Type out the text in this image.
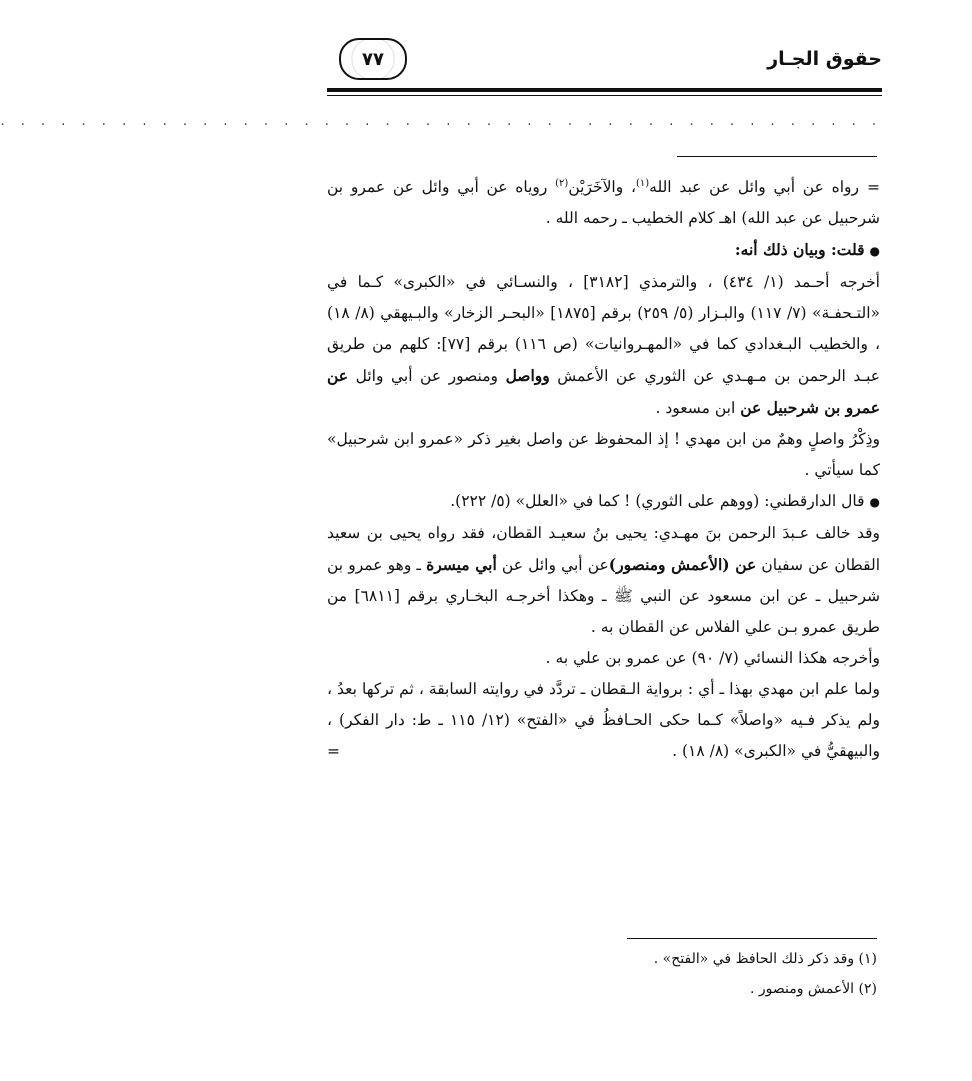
حقوق الجـار
٧٧
. . . . . . . . . . . . . . . . . . . . . . . . . . . . . . . . . . . . . . . . . . . .

=رواه عن أبي وائل عن عبد الله$^{(١)}$، والآخَرَيْن$^{(٢)}$ روياه عن أبي وائل عن عمرو بن شرحبيل عن عبد الله) اهـ كلام الخطيب ـ رحمه الله .

●قلت: وبيان ذلك أنه:

أخرجه أحـمد (١/ ٤٣٤) ، والترمذي [٣١٨٢] ، والنسـائي في «الكبرى» كـما في «التـحفـة» (٧/ ١١٧) والبـزار (٥/ ٢٥٩) برقم [١٨٧٥] «البحـر الزخار» والبـيهقي (٨/ ١٨) ، والخطيب البـغدادي كما في «المهـروانيات» (ص ١١٦) برقم [٧٧]: كلهم من طريق عبـد الرحمن بن مـهـدي عن الثوري عن الأعمش وواصل ومنصور عن أبي وائل عن عمرو بن شرحبيل عن ابن مسعود .

وذِكْرُ واصلٍ وهمٌ من ابن مهدي ! إذ المحفوظ عن واصل بغير ذكر «عمرو ابن شرحبيل» كما سيأتي .

●قال الدارقطني: (ووهم على الثوري) ! كما في «العلل» (٥/ ٢٢٢).

وقد خالف عـبدَ الرحمن بنَ مهـدي: يحيى بنُ سعيـد القطان، فقد رواه يحيى بن سعيد القطان عن سفيان عن (الأعمش ومنصور)عن أبي وائل عن أبي ميسرة ـ وهو عمرو بن شرحبيل ـ عن ابن مسعود عن النبي ﷺ ـ وهكذا أخرجـه البخـاري برقم [٦٨١١] من طريق عمرو بـن علي الفلاس عن القطان به .

وأخرجه هكذا النسائي (٧/ ٩٠) عن عمرو بن علي به .

ولما علم ابن مهدي بهذا ـ أي : برواية الـقطان ـ تردَّد في روايته السابقة ، ثم تركها بعدُ ، ولم يذكر فـيه «واصلاً» كـما حكى الحـافظُ في «الفتح» (١٢/ ١١٥ ـ ط: دار الفكر) ، والبيهقيُّ في «الكبرى» (٨/ ١٨) .
=

(١) وقد ذكر ذلك الحافظ في «الفتح» .

(٢) الأعمش ومنصور .
